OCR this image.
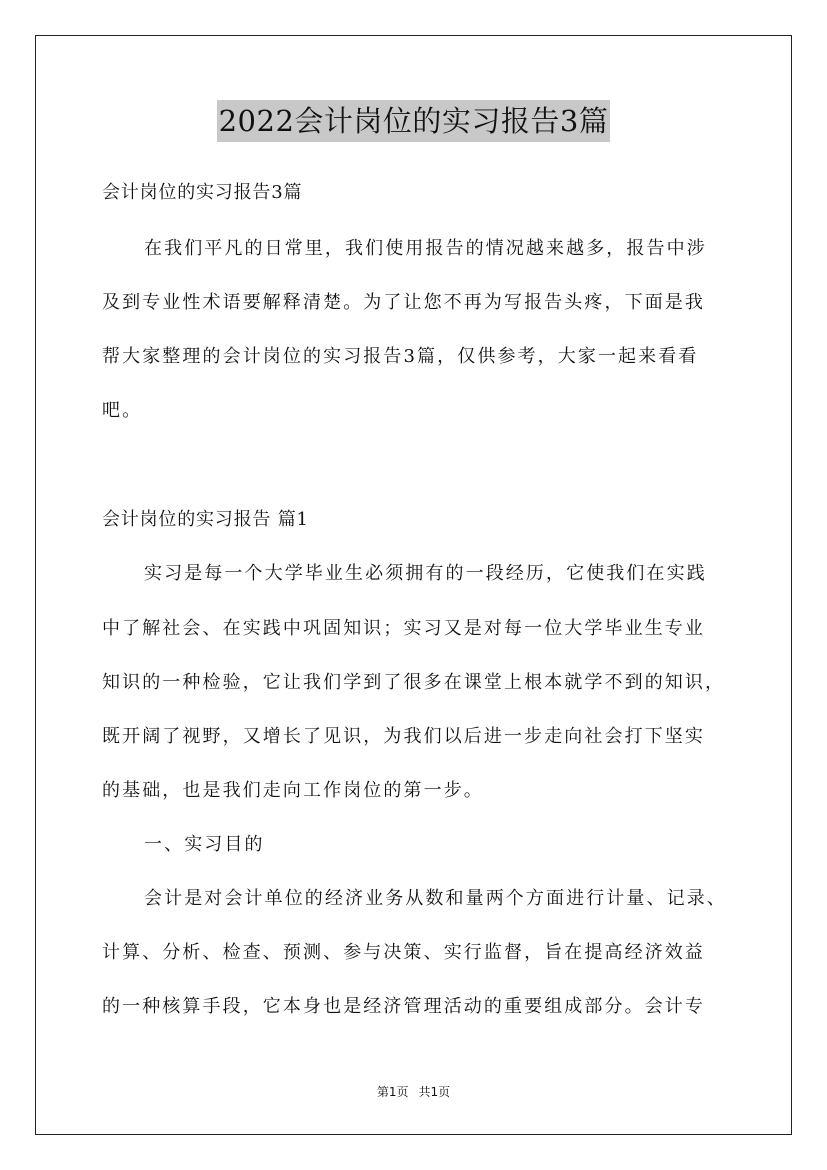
2022会计岗位的实习报告3篇
会计岗位的实习报告3篇
在我们平凡的日常里，我们使用报告的情况越来越多，报告中涉
及到专业性术语要解释清楚。为了让您不再为写报告头疼，下面是我
帮大家整理的会计岗位的实习报告3篇，仅供参考，大家一起来看看
吧。
会计岗位的实习报告 篇1
实习是每一个大学毕业生必须拥有的一段经历，它使我们在实践
中了解社会、在实践中巩固知识；实习又是对每一位大学毕业生专业
知识的一种检验，它让我们学到了很多在课堂上根本就学不到的知识，
既开阔了视野，又增长了见识，为我们以后进一步走向社会打下坚实
的基础，也是我们走向工作岗位的第一步。
一、实习目的
会计是对会计单位的经济业务从数和量两个方面进行计量、记录、
计算、分析、检查、预测、参与决策、实行监督，旨在提高经济效益
的一种核算手段，它本身也是经济管理活动的重要组成部分。会计专
第1页 共1页
